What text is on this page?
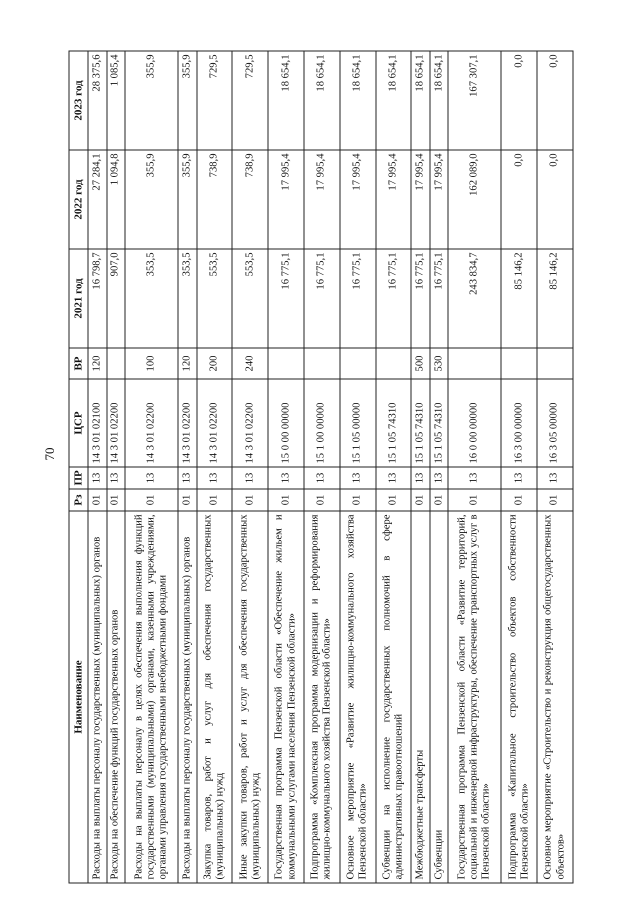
70
Наименование	Рз	ПР	ЦСР	ВР	2021 год	2022 год	2023 год
Расходы на выплаты персоналу государственных (муниципальных) органов	01	13	14 3 01 02100	120	16 798,7	27 284,1	28 375,6
Расходы на обеспечение функций государственных органов	01	13	14 3 01 02200		907,0	1 094,8	1 085,4
Расходы на выплаты персоналу в целях обеспечения выполнения функций государственными (муниципальными) органами, казенными учреждениями, органами управления государственными внебюджетными фондами	01	13	14 3 01 02200	100	353,5	355,9	355,9
Расходы на выплаты персоналу государственных (муниципальных) органов	01	13	14 3 01 02200	120	353,5	355,9	355,9
Закупка товаров, работ и услуг для обеспечения государственных (муниципальных) нужд	01	13	14 3 01 02200	200	553,5	738,9	729,5
Иные закупки товаров, работ и услуг для обеспечения государственных (муниципальных) нужд	01	13	14 3 01 02200	240	553,5	738,9	729,5
Государственная программа Пензенской области «Обеспечение жильем и коммунальными услугами населения Пензенской области»	01	13	15 0 00 00000		16 775,1	17 995,4	18 654,1
Подпрограмма «Комплексная программа модернизации и реформирования жилищно-коммунального хозяйства Пензенской области»	01	13	15 1 00 00000		16 775,1	17 995,4	18 654,1
Основное мероприятие «Развитие жилищно-коммунального хозяйства Пензенской области»	01	13	15 1 05 00000		16 775,1	17 995,4	18 654,1
Субвенции на исполнение государственных полномочий в сфере административных правоотношений	01	13	15 1 05 74310		16 775,1	17 995,4	18 654,1
Межбюджетные трансферты	01	13	15 1 05 74310	500	16 775,1	17 995,4	18 654,1
Субвенции	01	13	15 1 05 74310	530	16 775,1	17 995,4	18 654,1
Государственная программа Пензенской области «Развитие территорий, социальной и инженерной инфраструктуры, обеспечение транспортных услуг в Пензенской области»	01	13	16 0 00 00000		243 834,7	162 089,0	167 307,1
Подпрограмма «Капитальное строительство объектов собственности Пензенской области»	01	13	16 3 00 00000		85 146,2	0,0	0,0
Основное мероприятие «Строительство и реконструкция общегосударственных объектов»	01	13	16 3 05 00000		85 146,2	0,0	0,0
